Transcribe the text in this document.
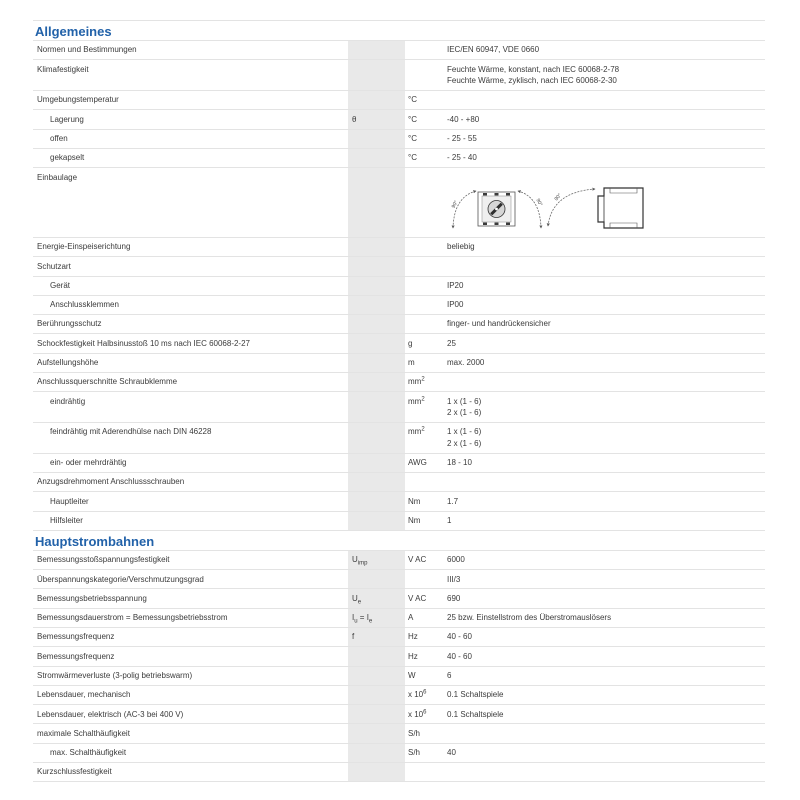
Allgemeines			
Normen und Bestimmungen			IEC/EN 60947, VDE 0660

Klimafestigkeit			Feuchte Wärme, konstant, nach IEC 60068-2-78
Feuchte Wärme, zyklisch, nach IEC 60068-2-30

Umgebungstemperatur		°C	
Lagerung	θ	°C	-40 - +80

offen		°C	- 25 - 55

gekapselt		°C	- 25 - 40

Einbaulage			90° 90°
90°

Energie-Einspeiserichtung			beliebig

Schutzart			
Gerät			IP20

Anschlussklemmen			IP00

Berührungsschutz			finger- und handrückensicher

Schockfestigkeit Halbsinusstoß 10 ms nach IEC 60068-2-27		g	25

Aufstellungshöhe		m	max. 2000

Anschlussquerschnitte Schraubklemme		$mm^2$	
eindrähtig		$mm^2$	1 x (1 - 6)
2 x (1 - 6)

feindrähtig mit Aderendhülse nach DIN 46228		$mm^2$	1 x (1 - 6)
2 x (1 - 6)

ein- oder mehrdrähtig		AWG	18 - 10

Anzugsdrehmoment Anschlussschrauben			
Hauptleiter		Nm	1.7

Hilfsleiter		Nm	1

Hauptstrombahnen			
Bemessungsstoßspannungsfestigkeit	$U_{imp}$	V AC	6000

Überspannungskategorie/Verschmutzungsgrad			III/3

Bemessungsbetriebsspannung	$U_e$	V AC	690

Bemessungsdauerstrom = Bemessungsbetriebsstrom	$I_u = I_e$	A	25 bzw. Einstellstrom des Überstromauslösers

Bemessungsfrequenz	f	Hz	40 - 60

Bemessungsfrequenz		Hz	40 - 60

Stromwärmeverluste (3-polig betriebswarm)		W	6

Lebensdauer, mechanisch		x $10^6$	0.1 Schaltspiele

Lebensdauer, elektrisch (AC-3 bei 400 V)		x $10^6$	0.1 Schaltspiele

maximale Schalthäufigkeit		S/h	
max. Schalthäufigkeit		S/h	40

Kurzschlussfestigkeit			
